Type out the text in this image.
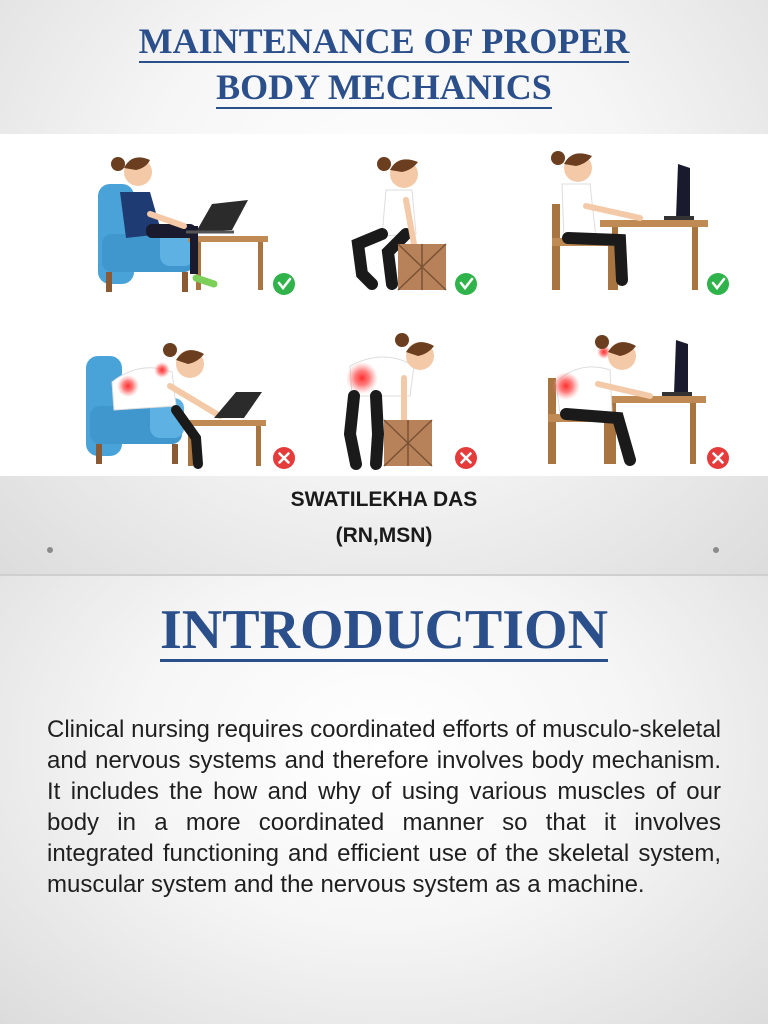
MAINTENANCE OF PROPER
BODY MECHANICS
SWATILEKHA DAS
(RN,MSN)
INTRODUCTION
Clinical nursing requires coordinated efforts of musculo-skeletal and nervous systems and therefore involves body mechanism. It includes the how and why of using various muscles of our body in a more coordinated manner so that it involves integrated functioning and efficient use of the skeletal system, muscular system and the nervous system as a machine.
